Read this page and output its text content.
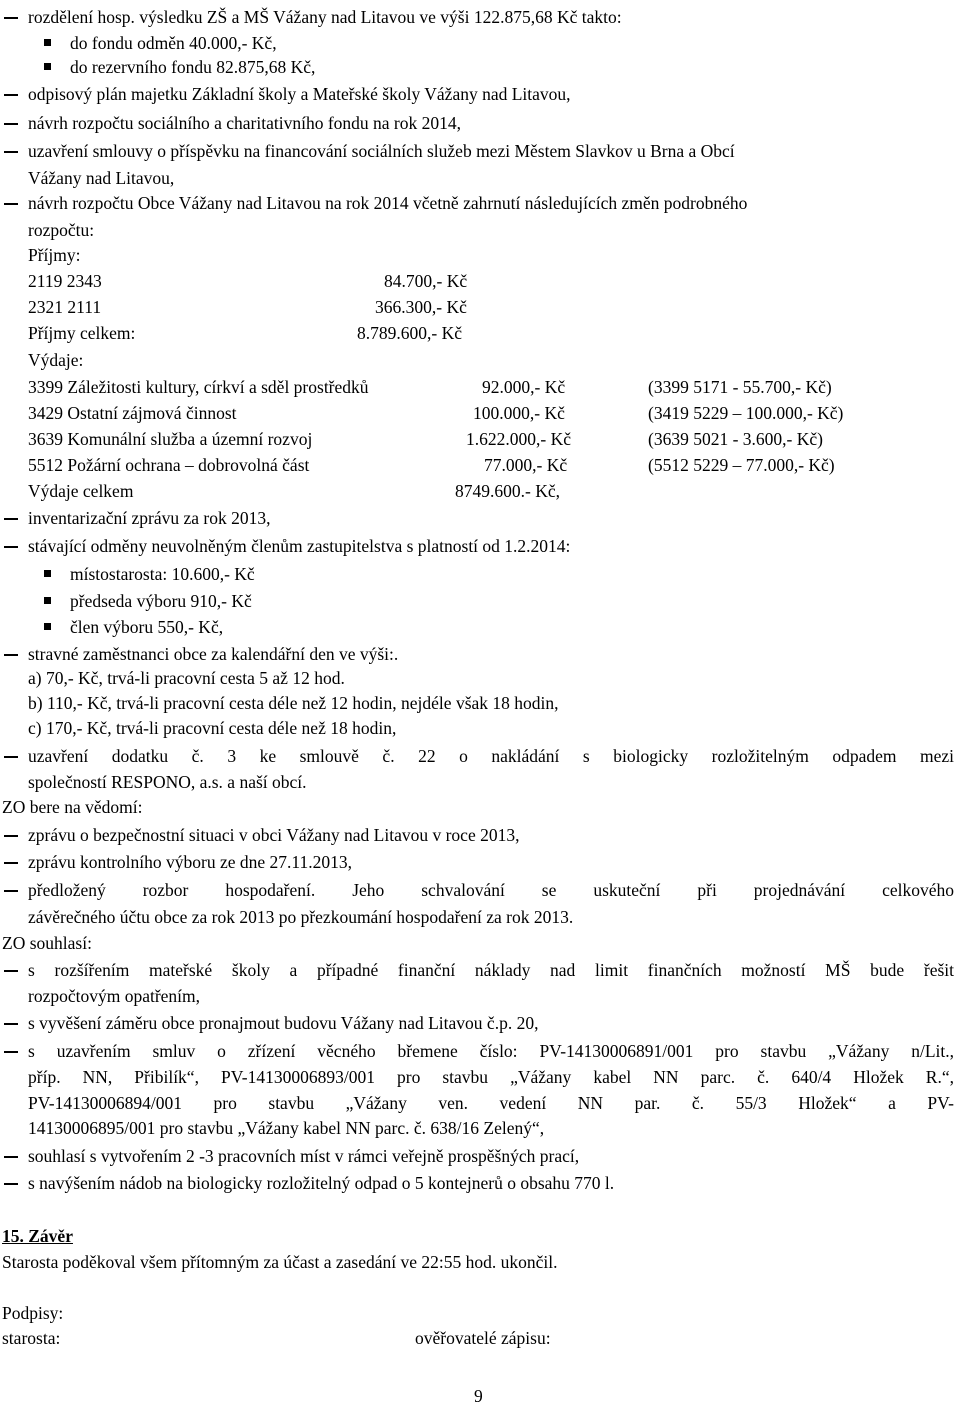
rozdělení hosp. výsledku ZŠ a MŠ Vážany nad Litavou ve výši 122.875,68 Kč takto:
do fondu odměn 40.000,- Kč,
do rezervního fondu 82.875,68 Kč,
odpisový plán majetku Základní školy a Mateřské školy Vážany nad Litavou,
návrh rozpočtu sociálního a charitativního fondu na rok 2014,
uzavření smlouvy o příspěvku na financování sociálních služeb mezi Městem Slavkov u Brna a Obcí
Vážany nad Litavou,
návrh rozpočtu Obce Vážany nad Litavou na rok 2014 včetně zahrnutí následujících změn podrobného
rozpočtu:
Příjmy:
2119 2343	84.700,- Kč
2321 2111	366.300,- Kč
Příjmy celkem:	8.789.600,- Kč
Výdaje:
3399 Záležitosti kultury, církví a sděl prostředků	92.000,- Kč	(3399 5171 - 55.700,- Kč)
3429 Ostatní zájmová činnost	100.000,- Kč	(3419 5229 – 100.000,- Kč)
3639 Komunální služba a územní rozvoj	1.622.000,- Kč	(3639 5021 - 3.600,- Kč)
5512 Požární ochrana – dobrovolná část	77.000,- Kč	(5512 5229 – 77.000,- Kč)
Výdaje celkem	8749.600.- Kč,
inventarizační zprávu za rok 2013,
stávající odměny neuvolněným členům zastupitelstva s platností od 1.2.2014:
místostarosta: 10.600,- Kč
předseda výboru 910,- Kč
člen výboru 550,- Kč,
stravné zaměstnanci obce za kalendářní den ve výši:.
a) 70,- Kč, trvá-li pracovní cesta 5 až 12 hod.
b) 110,- Kč, trvá-li pracovní cesta déle než 12 hodin, nejdéle však 18 hodin,
c) 170,- Kč, trvá-li pracovní cesta déle než 18 hodin,
uzavření dodatku č. 3 ke smlouvě č. 22 o nakládání s biologicky rozložitelným odpadem mezi
společností RESPONO, a.s. a naší obcí.
ZO bere na vědomí:
zprávu o bezpečnostní situaci v obci Vážany nad Litavou v roce 2013,
zprávu kontrolního výboru ze dne 27.11.2013,
předložený rozbor hospodaření. Jeho schvalování se uskuteční při projednávání celkového
závěrečného účtu obce za rok 2013 po přezkoumání hospodaření za rok 2013.
ZO souhlasí:
s rozšířením mateřské školy a případné finanční náklady nad limit finančních možností MŠ bude řešit
rozpočtovým opatřením,
s vyvěšení záměru obce pronajmout budovu Vážany nad Litavou č.p. 20,
s uzavřením smluv o zřízení věcného břemene číslo: PV-14130006891/001 pro stavbu „Vážany n/Lit.,
příp. NN, Přibilík“, PV-14130006893/001 pro stavbu „Vážany kabel NN parc. č. 640/4 Hložek R.“,
PV-14130006894/001 pro stavbu „Vážany ven. vedení NN par. č. 55/3 Hložek“ a PV-
14130006895/001 pro stavbu „Vážany kabel NN parc. č. 638/16 Zelený“,
souhlasí s vytvořením 2 -3 pracovních míst v rámci veřejně prospěšných prací,
s navýšením nádob na biologicky rozložitelný odpad o 5 kontejnerů o obsahu 770 l.
15. Závěr
Starosta poděkoval všem přítomným za účast a zasedání ve 22:55 hod. ukončil.
Podpisy:
starosta:	ověřovatelé zápisu:
9
